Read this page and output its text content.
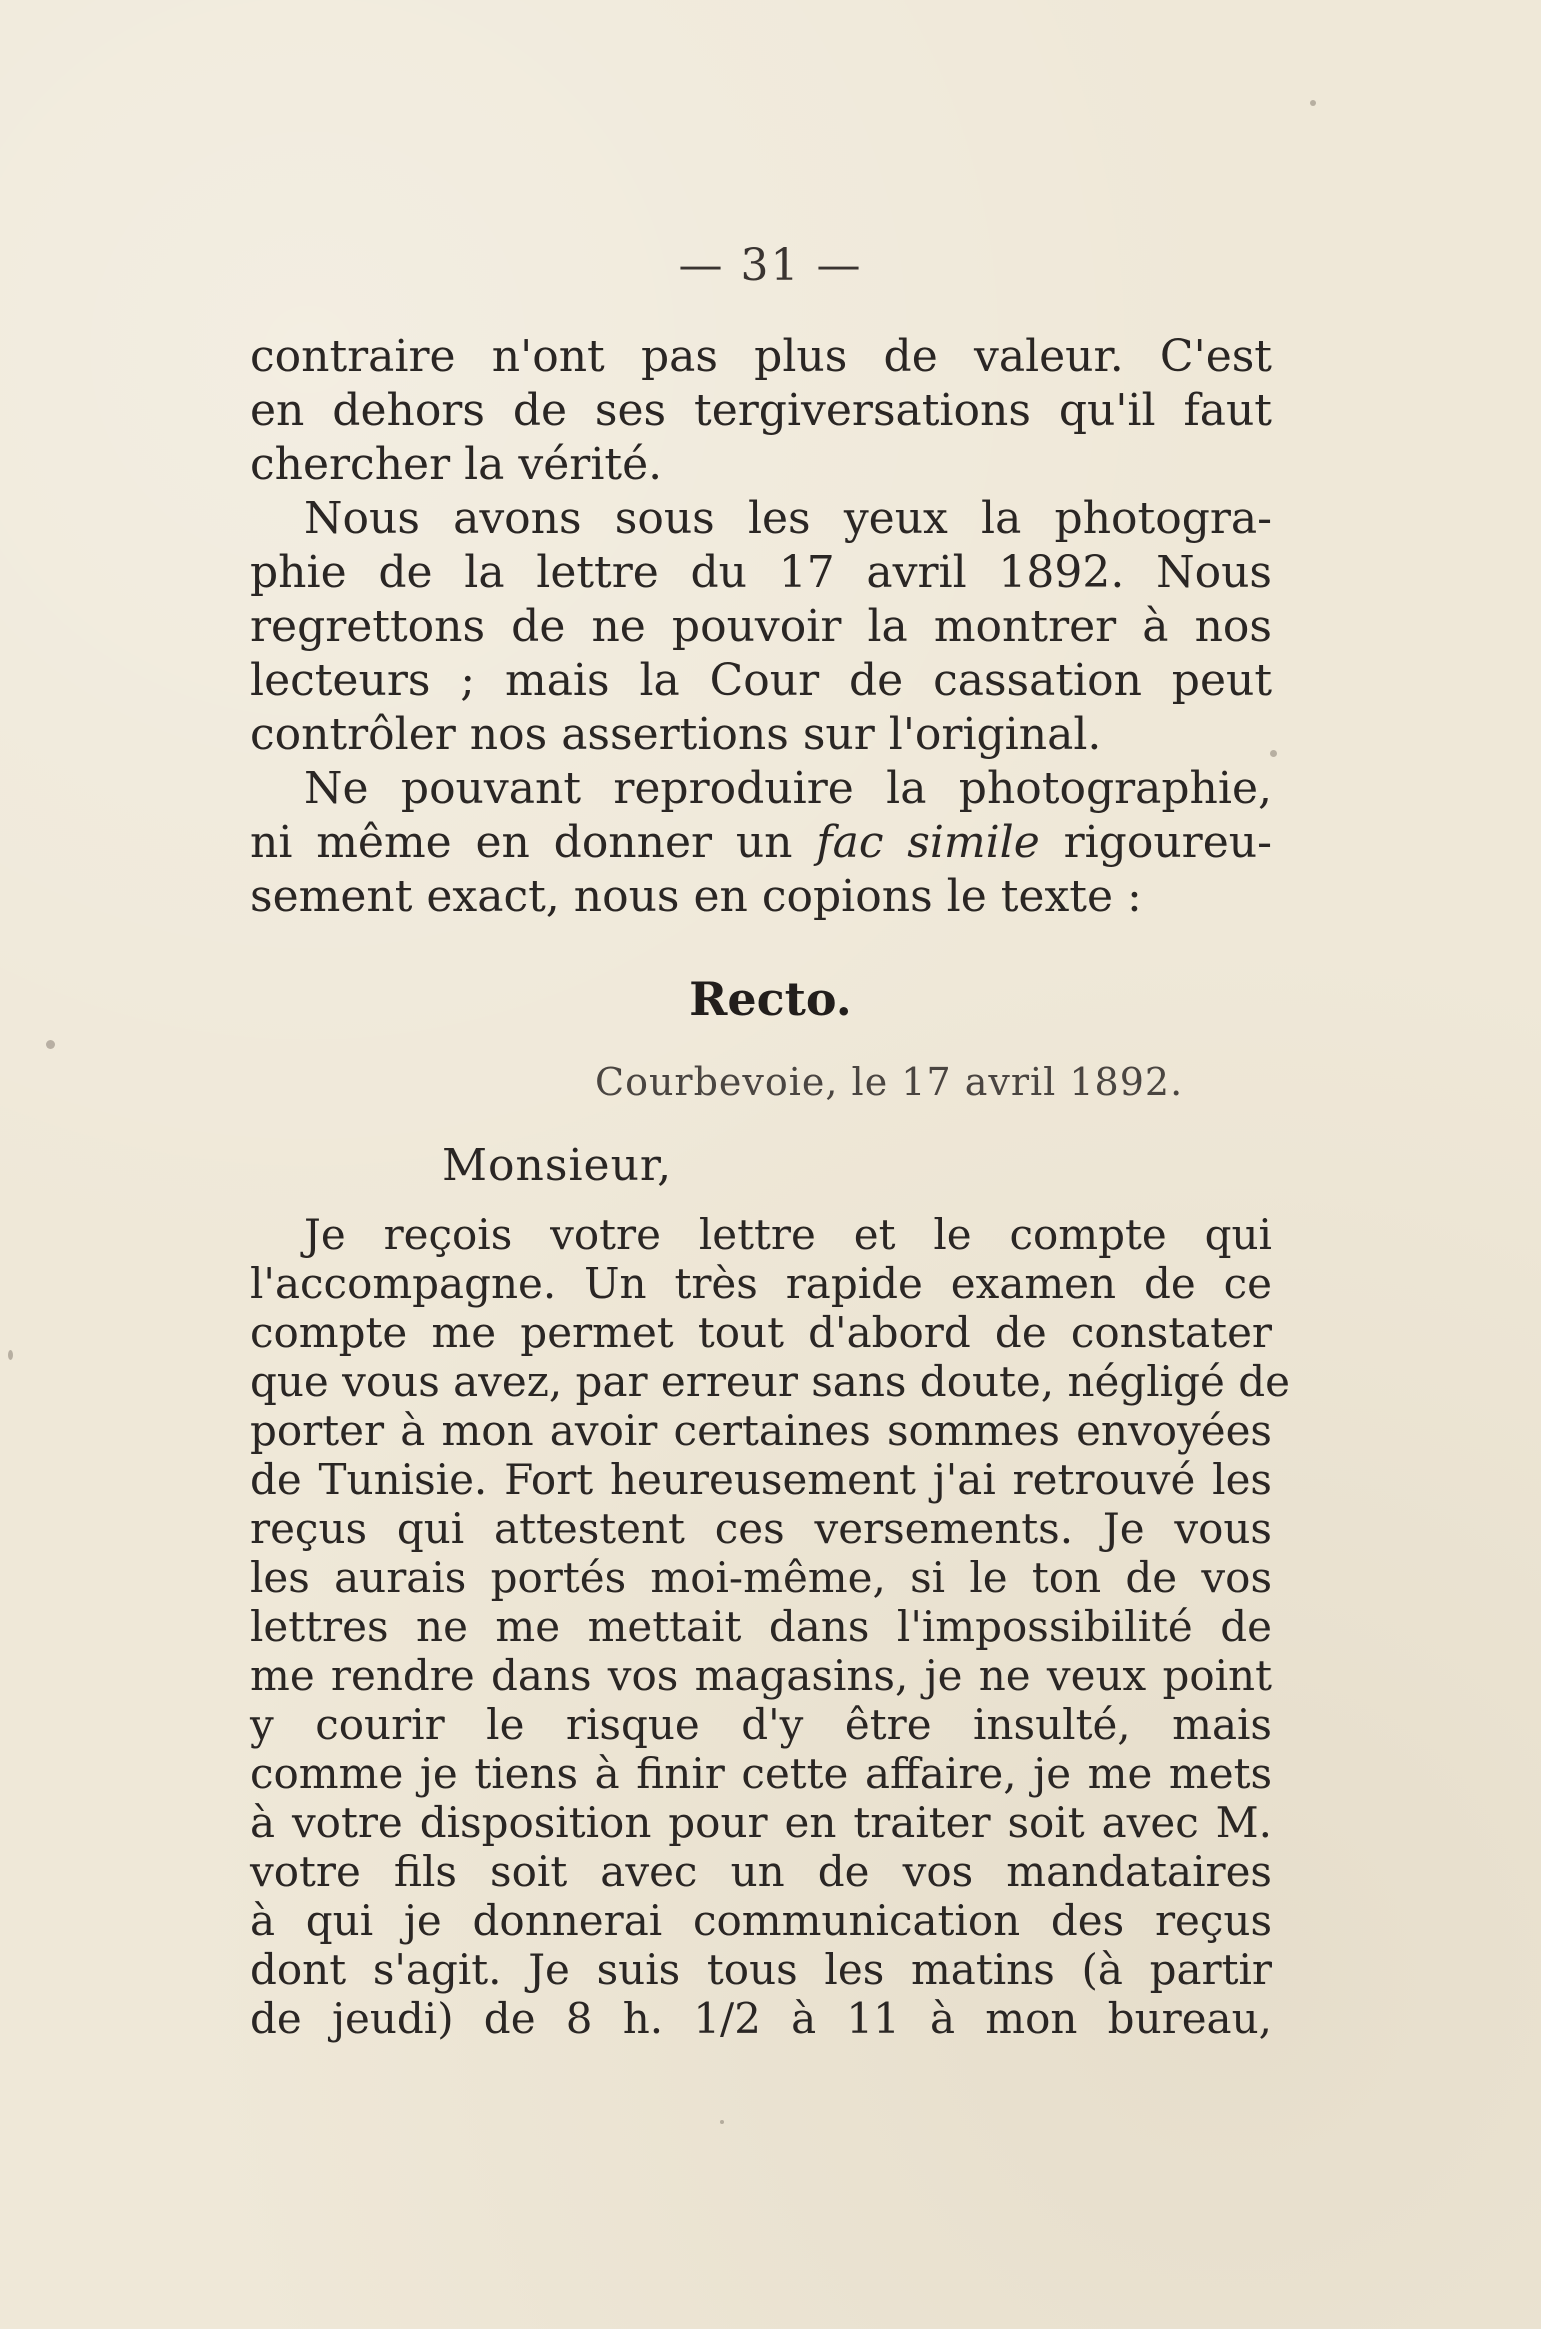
— 31 —

contraire n'ont pas plus de valeur. C'est
en dehors de ses tergiversations qu'il faut
chercher la vérité.

Nous avons sous les yeux la photogra-
phie de la lettre du 17 avril 1892. Nous
regrettons de ne pouvoir la montrer à nos
lecteurs ; mais la Cour de cassation peut
contrôler nos assertions sur l'original.

Ne pouvant reproduire la photographie,
ni même en donner un fac simile rigoureu-
sement exact, nous en copions le texte :

Recto.
Courbevoie, le 17 avril 1892.
Monsieur,

Je reçois votre lettre et le compte qui
l'accompagne. Un très rapide examen de ce
compte me permet tout d'abord de constater
que vous avez, par erreur sans doute, négligé de
porter à mon avoir certaines sommes envoyées
de Tunisie. Fort heureusement j'ai retrouvé les
reçus qui attestent ces versements. Je vous
les aurais portés moi-même, si le ton de vos
lettres ne me mettait dans l'impossibilité de
me rendre dans vos magasins, je ne veux point
y courir le risque d'y être insulté, mais
comme je tiens à finir cette affaire, je me mets
à votre disposition pour en traiter soit avec M.
votre fils soit avec un de vos mandataires
à qui je donnerai communication des reçus
dont s'agit. Je suis tous les matins (à partir
de jeudi) de 8 h. 1/2 à 11 à mon bureau,
